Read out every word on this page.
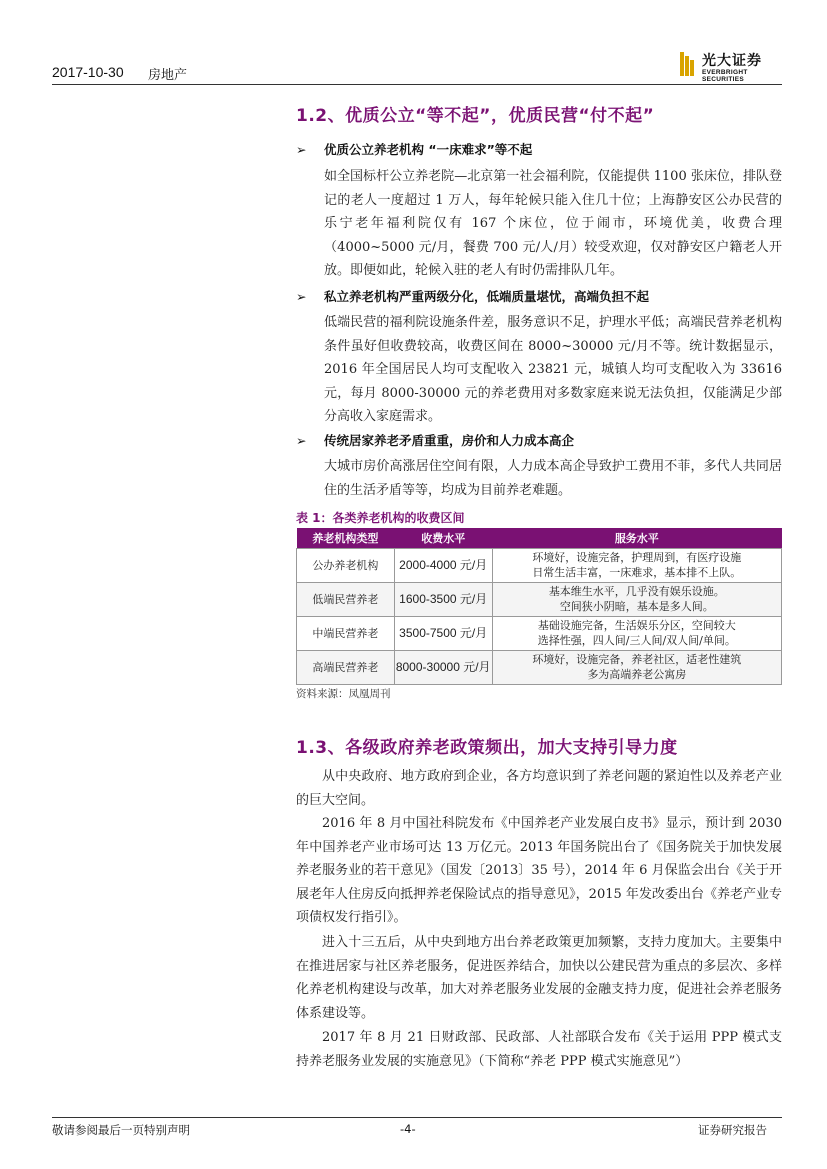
2017-10-30 房地产
光大证券
EVERBRIGHT SECURITIES
1.2、优质公立“等不起”，优质民营“付不起”
➢ 优质公立养老机构 “一床难求”等不起
如全国标杆公立养老院—北京第一社会福利院，仅能提供 1100 张床位，排队登记的老人一度超过 1 万人，每年轮候只能入住几十位；上海静安区公办民营的乐宁老年福利院仅有 167 个床位，位于闹市，环境优美，收费合理（4000~5000 元/月，餐费 700 元/人/月）较受欢迎，仅对静安区户籍老人开放。即便如此，轮候入驻的老人有时仍需排队几年。
➢ 私立养老机构严重两级分化，低端质量堪忧，高端负担不起
低端民营的福利院设施条件差，服务意识不足，护理水平低；高端民营养老机构条件虽好但收费较高，收费区间在 8000~30000 元/月不等。统计数据显示，2016 年全国居民人均可支配收入 23821 元，城镇人均可支配收入为 33616 元，每月 8000-30000 元的养老费用对多数家庭来说无法负担，仅能满足少部分高收入家庭需求。
➢ 传统居家养老矛盾重重，房价和人力成本高企
大城市房价高涨居住空间有限，人力成本高企导致护工费用不菲，多代人共同居住的生活矛盾等等，均成为目前养老难题。
表 1：各类养老机构的收费区间
养老机构类型	收费水平	服务水平
公办养老机构	2000-4000 元/月	环境好，设施完备，护理周到，有医疗设施
日常生活丰富，一床难求，基本排不上队。

低端民营养老	1600-3500 元/月	基本维生水平，几乎没有娱乐设施。
空间狭小阴暗，基本是多人间。

中端民营养老	3500-7500 元/月	基础设施完备，生活娱乐分区，空间较大
选择性强，四人间/三人间/双人间/单间。

高端民营养老	8000-30000 元/月	环境好，设施完备，养老社区，适老性建筑
多为高端养老公寓房
资料来源：凤凰周刊
1.3、各级政府养老政策频出，加大支持引导力度
从中央政府、地方政府到企业，各方均意识到了养老问题的紧迫性以及养老产业的巨大空间。
2016 年 8 月中国社科院发布《中国养老产业发展白皮书》显示，预计到 2030 年中国养老产业市场可达 13 万亿元。2013 年国务院出台了《国务院关于加快发展养老服务业的若干意见》（国发〔2013〕35 号），2014 年 6 月保监会出台《关于开展老年人住房反向抵押养老保险试点的指导意见》，2015 年发改委出台《养老产业专项债权发行指引》。
进入十三五后，从中央到地方出台养老政策更加频繁，支持力度加大。主要集中在推进居家与社区养老服务，促进医养结合，加快以公建民营为重点的多层次、多样化养老机构建设与改革，加大对养老服务业发展的金融支持力度，促进社会养老服务体系建设等。
2017 年 8 月 21 日财政部、民政部、人社部联合发布《关于运用 PPP 模式支持养老服务业发展的实施意见》（下简称“养老 PPP 模式实施意见”）
敬请参阅最后一页特别声明	-4-	证券研究报告
